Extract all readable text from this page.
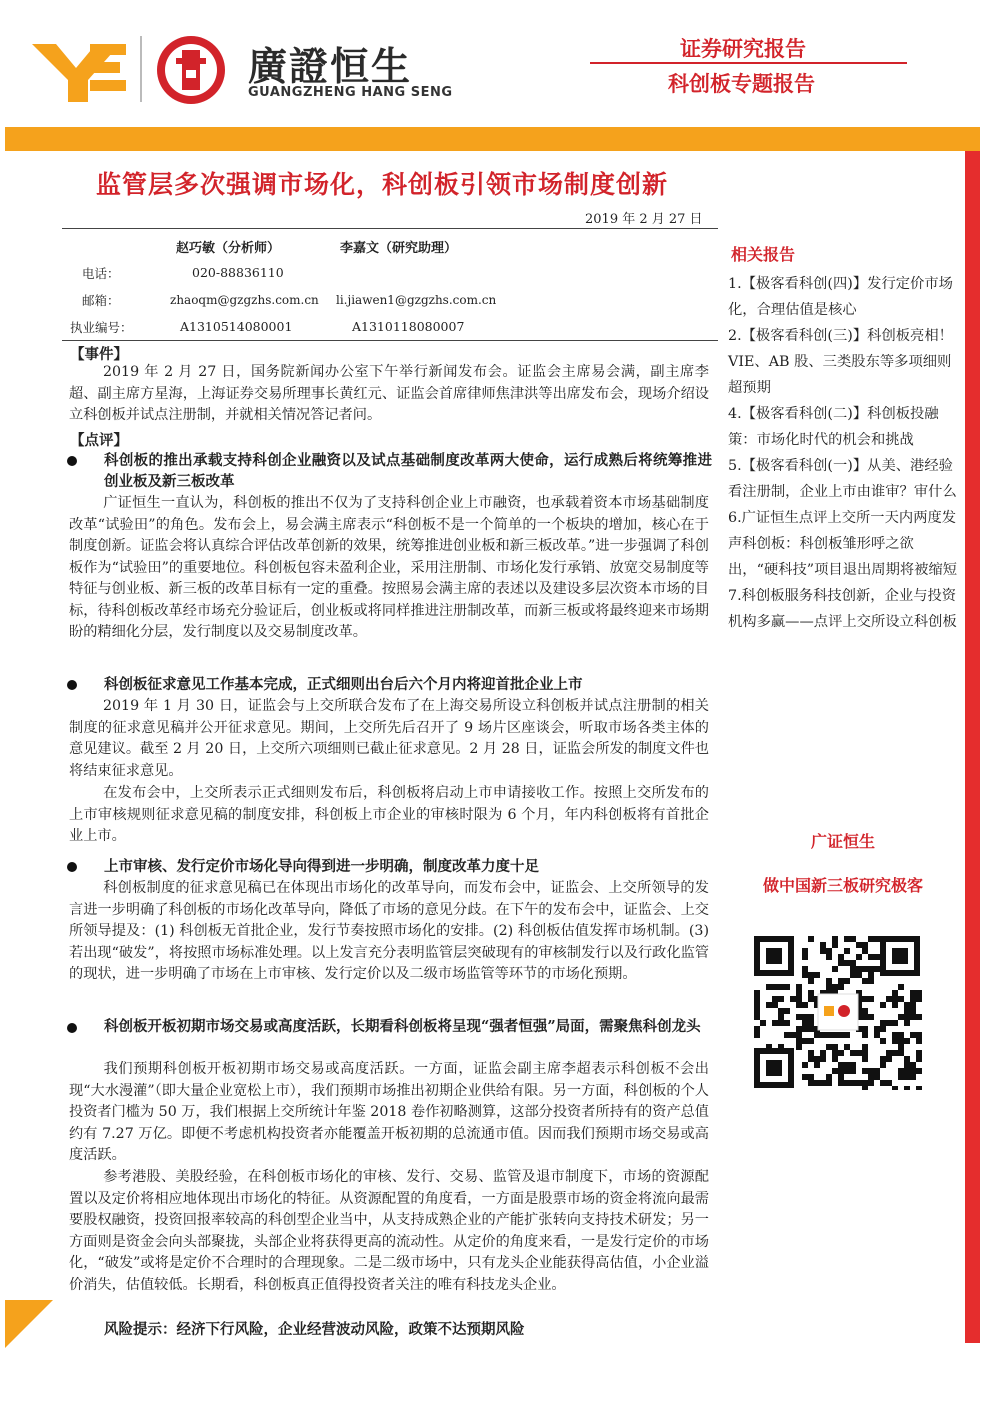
廣證恒生
GUANGZHENG HANG SENG
证券研究报告
科创板专题报告
监管层多次强调市场化，科创板引领市场制度创新
2019 年 2 月 27 日
赵巧敏（分析师）	李嘉文（研究助理）
电话：	020-88836110
邮箱：	zhaoqm@gzgzhs.com.cn li.jiawen1@gzgzhs.com.cn
执业编号：	A1310514080001	A1310118080007
【事件】
2019 年 2 月 27 日，国务院新闻办公室下午举行新闻发布会。证监会主席易会满，副主席李超、副主席方星海，上海证券交易所理事长黄红元、证监会首席律师焦津洪等出席发布会，现场介绍设立科创板并试点注册制，并就相关情况答记者问。
【点评】
科创板的推出承载支持科创企业融资以及试点基础制度改革两大使命，运行成熟后将统筹推进创业板及新三板改革
广证恒生一直认为，科创板的推出不仅为了支持科创企业上市融资，也承载着资本市场基础制度改革“试验田”的角色。发布会上，易会满主席表示“科创板不是一个简单的一个板块的增加，核心在于制度创新。证监会将认真综合评估改革创新的效果，统筹推进创业板和新三板改革。”进一步强调了科创板作为“试验田”的重要地位。科创板包容未盈利企业，采用注册制、市场化发行承销、放宽交易制度等特征与创业板、新三板的改革目标有一定的重叠。按照易会满主席的表述以及建设多层次资本市场的目标，待科创板改革经市场充分验证后，创业板或将同样推进注册制改革，而新三板或将最终迎来市场期盼的精细化分层，发行制度以及交易制度改革。
科创板征求意见工作基本完成，正式细则出台后六个月内将迎首批企业上市
2019 年 1 月 30 日，证监会与上交所联合发布了在上海交易所设立科创板并试点注册制的相关制度的征求意见稿并公开征求意见。期间，上交所先后召开了 9 场片区座谈会，听取市场各类主体的意见建议。截至 2 月 20 日，上交所六项细则已截止征求意见。2 月 28 日，证监会所发的制度文件也将结束征求意见。
在发布会中，上交所表示正式细则发布后，科创板将启动上市申请接收工作。按照上交所发布的上市审核规则征求意见稿的制度安排，科创板上市企业的审核时限为 6 个月，年内科创板将有首批企业上市。
上市审核、发行定价市场化导向得到进一步明确，制度改革力度十足
科创板制度的征求意见稿已在体现出市场化的改革导向，而发布会中，证监会、上交所领导的发言进一步明确了科创板的市场化改革导向，降低了市场的意见分歧。在下午的发布会中，证监会、上交所领导提及：(1) 科创板无首批企业，发行节奏按照市场化的安排。(2) 科创板估值发挥市场机制。(3) 若出现“破发”，将按照市场标准处理。以上发言充分表明监管层突破现有的审核制发行以及行政化监管的现状，进一步明确了市场在上市审核、发行定价以及二级市场监管等环节的市场化预期。
科创板开板初期市场交易或高度活跃，长期看科创板将呈现“强者恒强”局面，需聚焦科创龙头
我们预期科创板开板初期市场交易或高度活跃。一方面，证监会副主席李超表示科创板不会出现“大水漫灌”（即大量企业宽松上市），我们预期市场推出初期企业供给有限。另一方面，科创板的个人投资者门槛为 50 万，我们根据上交所统计年鉴 2018 卷作初略测算，这部分投资者所持有的资产总值约有 7.27 万亿。即便不考虑机构投资者亦能覆盖开板初期的总流通市值。因而我们预期市场交易或高度活跃。
参考港股、美股经验，在科创板市场化的审核、发行、交易、监管及退市制度下，市场的资源配置以及定价将相应地体现出市场化的特征。从资源配置的角度看，一方面是股票市场的资金将流向最需要股权融资，投资回报率较高的科创型企业当中，从支持成熟企业的产能扩张转向支持技术研发；另一方面则是资金会向头部聚拢，头部企业将获得更高的流动性。从定价的角度来看，一是发行定价的市场化，“破发”或将是定价不合理时的合理现象。二是二级市场中，只有龙头企业能获得高估值，小企业溢价消失，估值较低。长期看，科创板真正值得投资者关注的唯有科技龙头企业。
风险提示：经济下行风险，企业经营波动风险，政策不达预期风险
相关报告
1.【极客看科创(四)】发行定价市场化，合理估值是核心
2.【极客看科创(三)】科创板亮相！VIE、AB 股、三类股东等多项细则超预期
4.【极客看科创(二)】科创板投融策：市场化时代的机会和挑战
5.【极客看科创(一)】从美、港经验看注册制，企业上市由谁审？审什么
6.广证恒生点评上交所一天内两度发声科创板：科创板雏形呼之欲出，“硬科技”项目退出周期将被缩短
7.科创板服务科技创新，企业与投资机构多赢——点评上交所设立科创板
广证恒生
做中国新三板研究极客
